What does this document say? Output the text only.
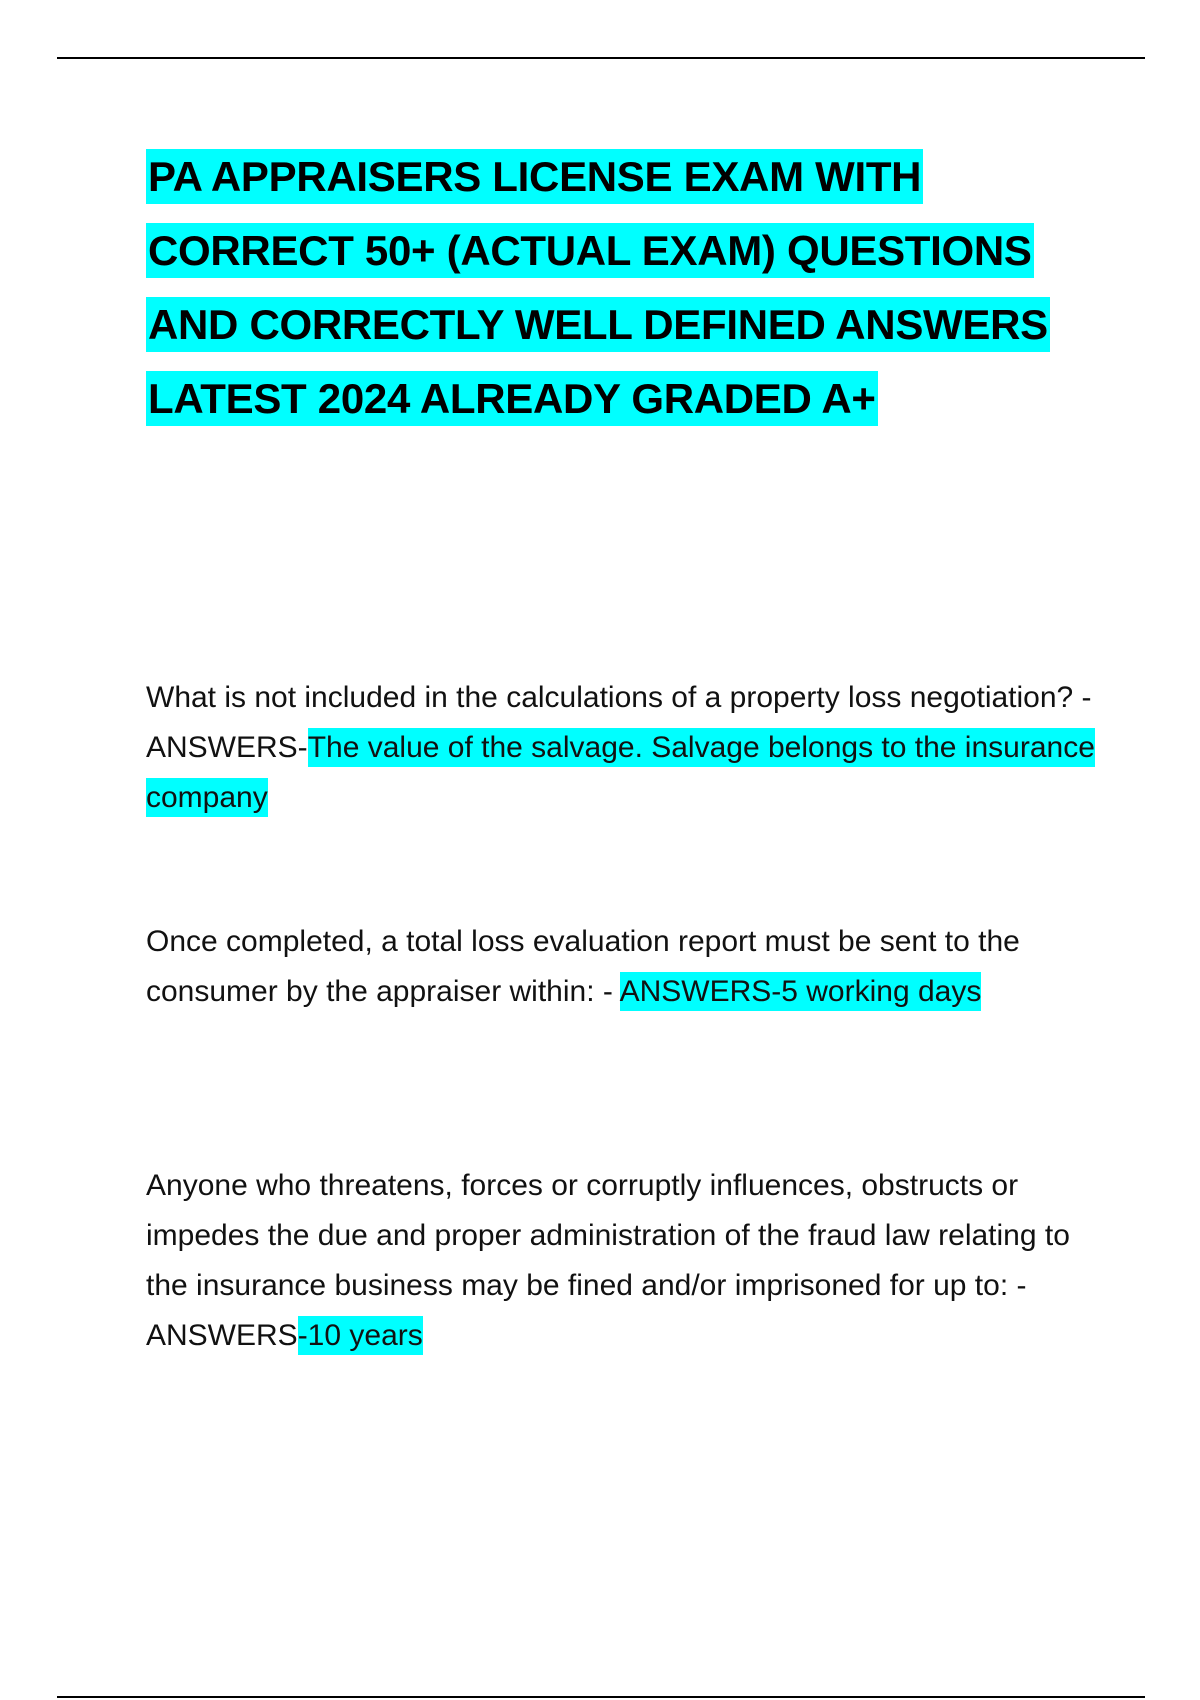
PA APPRAISERS LICENSE EXAM WITH CORRECT 50+ (ACTUAL EXAM) QUESTIONS AND CORRECTLY WELL DEFINED ANSWERS LATEST 2024 ALREADY GRADED A+

What is not included in the calculations of a property loss negotiation? - ANSWERS-The value of the salvage. Salvage belongs to the insurance company

Once completed, a total loss evaluation report must be sent to the consumer by the appraiser within: - ANSWERS-5 working days

Anyone who threatens, forces or corruptly influences, obstructs or impedes the due and proper administration of the fraud law relating to the insurance business may be fined and/or imprisoned for up to: - ANSWERS-10 years
